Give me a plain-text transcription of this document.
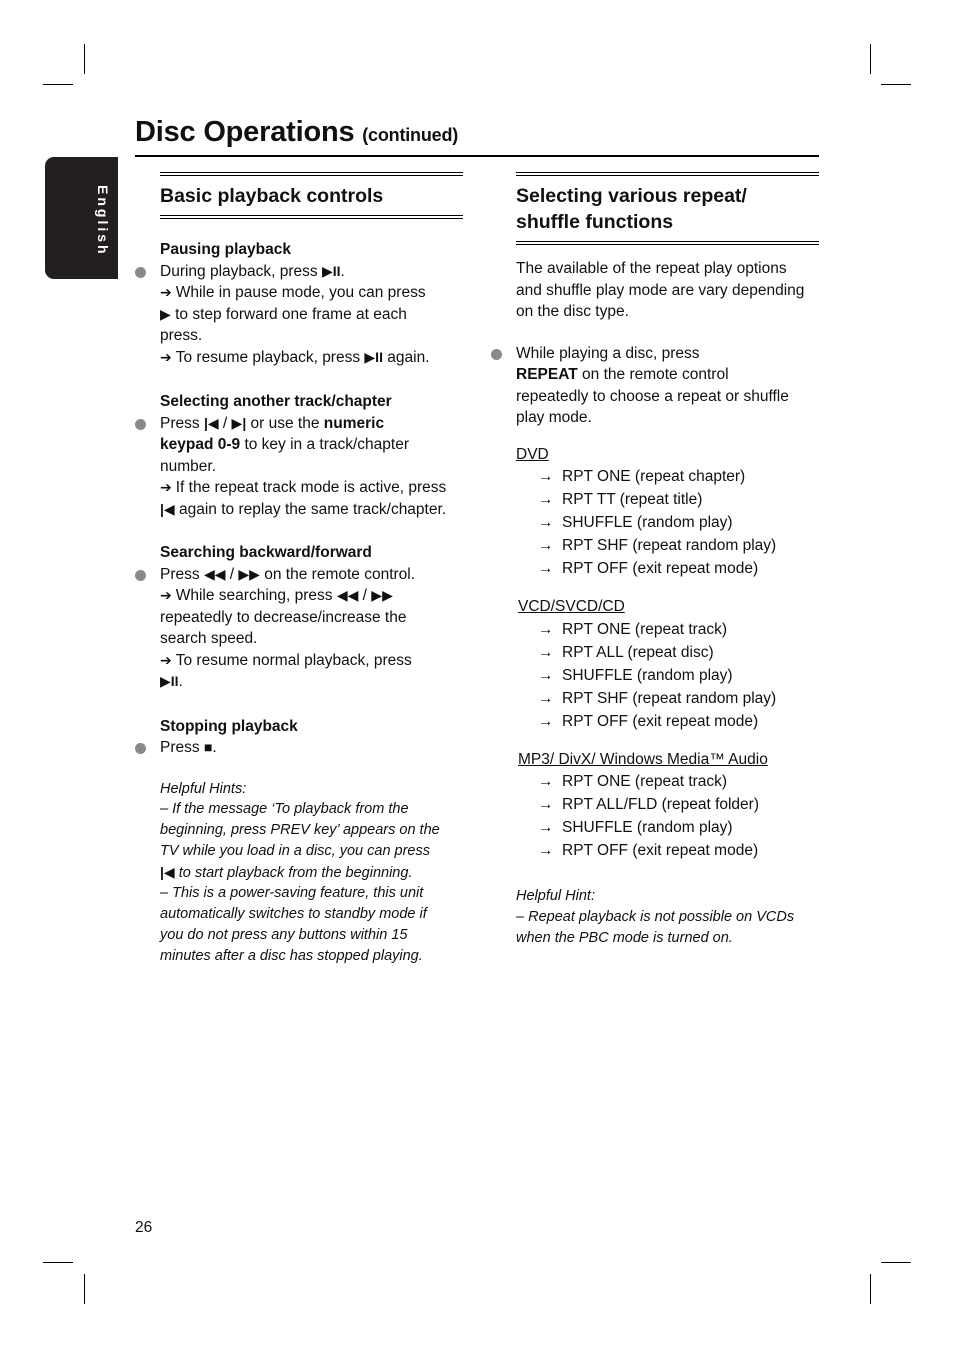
Disc Operations (continued)
English	Basic playback controls
Pausing playback
During playback, press ▶II.
➔ While in pause mode, you can press
▶ to step forward one frame at each
press.
➔ To resume playback, press ▶II again.
Selecting another track/chapter
Press |◀ / ▶| or use the numeric
keypad 0-9 to key in a track/chapter
number.
➔ If the repeat track mode is active, press
|◀ again to replay the same track/chapter.
Searching backward/forward
Press ◀◀ / ▶▶ on the remote control.
➔ While searching, press ◀◀ / ▶▶
repeatedly to decrease/increase the
search speed.
➔ To resume normal playback, press
▶II.
Stopping playback
Press ■.
Helpful Hints:
– If the message ‘To playback from the
beginning, press PREV key’ appears on the
TV while you load in a disc, you can press
|◀ to start playback from the beginning.
– This is a power-saving feature, this unit
automatically switches to standby mode if
you do not press any buttons within 15
minutes after a disc has stopped playing.
Selecting various repeat/
shuffle functions
The available of the repeat play options
and shuffle play mode are vary depending
on the disc type.
While playing a disc, press
REPEAT on the remote control
repeatedly to choose a repeat or shuffle
play mode.
DVD
→ RPT ONE (repeat chapter)
→ RPT TT (repeat title)
→ SHUFFLE (random play)
→ RPT SHF (repeat random play)
→ RPT OFF (exit repeat mode)
VCD/SVCD/CD
→ RPT ONE (repeat track)
→ RPT ALL (repeat disc)
→ SHUFFLE (random play)
→ RPT SHF (repeat random play)
→ RPT OFF (exit repeat mode)
MP3/ DivX/ Windows Media™ Audio
→ RPT ONE (repeat track)
→ RPT ALL/FLD (repeat folder)
→ SHUFFLE (random play)
→ RPT OFF (exit repeat mode)
Helpful Hint:
– Repeat playback is not possible on VCDs
when the PBC mode is turned on.
26
